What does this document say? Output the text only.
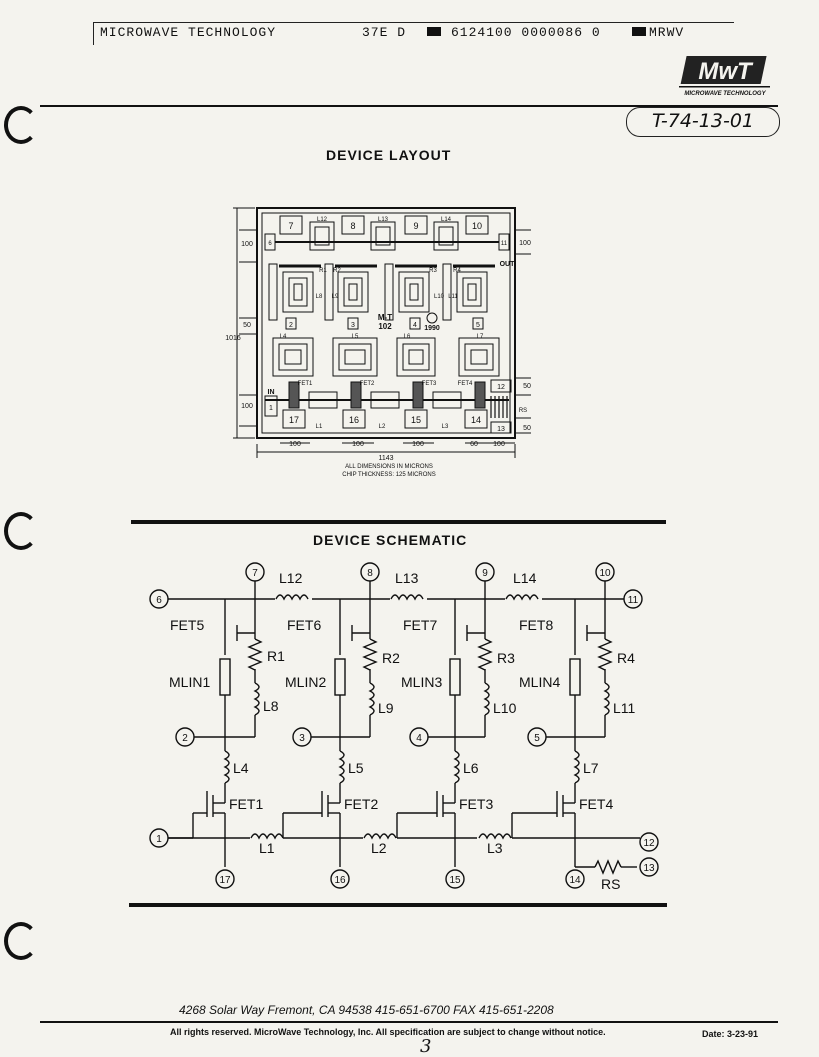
MICROWAVE TECHNOLOGY	37E D	6124100 0000086 0	MRWV
MwT
MICROWAVE TECHNOLOGY
T-74-13-01
DEVICE LAYOUT
7	8	9	10
6	11
2	3	4	5
1
17	16	15	14
12
13
L12	L13	L14
R1 R2	R3	R4
L8 L9	L10 L11
L4	L5	L6	L7
FET1	FET2	FET3	FET4
L1	L2	L3
RS
100
50
100
1016
100
50
50
100	100	100	60 100
1143
M-T
102	1990
IN
OUT
ALL DIMENSIONS IN MICRONS
CHIP THICKNESS: 125 MICRONS
DEVICE SCHEMATIC
6
7	8	9	10
11
2	3	4	5
1	12
13
17	16	15	14
L12	L13	L14
FET5	FET6	FET7	FET8
R1	R2	R3	R4
MLIN1	MLIN2	MLIN3	MLIN4
L8	L9	L10	L11
L4	L5	L6	L7
FET1	FET2	FET3	FET4
L1	L2	L3
RS
4268 Solar Way Fremont, CA 94538 415-651-6700 FAX 415-651-2208
All rights reserved. MicroWave Technology, Inc. All specification are subject to change without notice.	Date: 3-23-91
3
